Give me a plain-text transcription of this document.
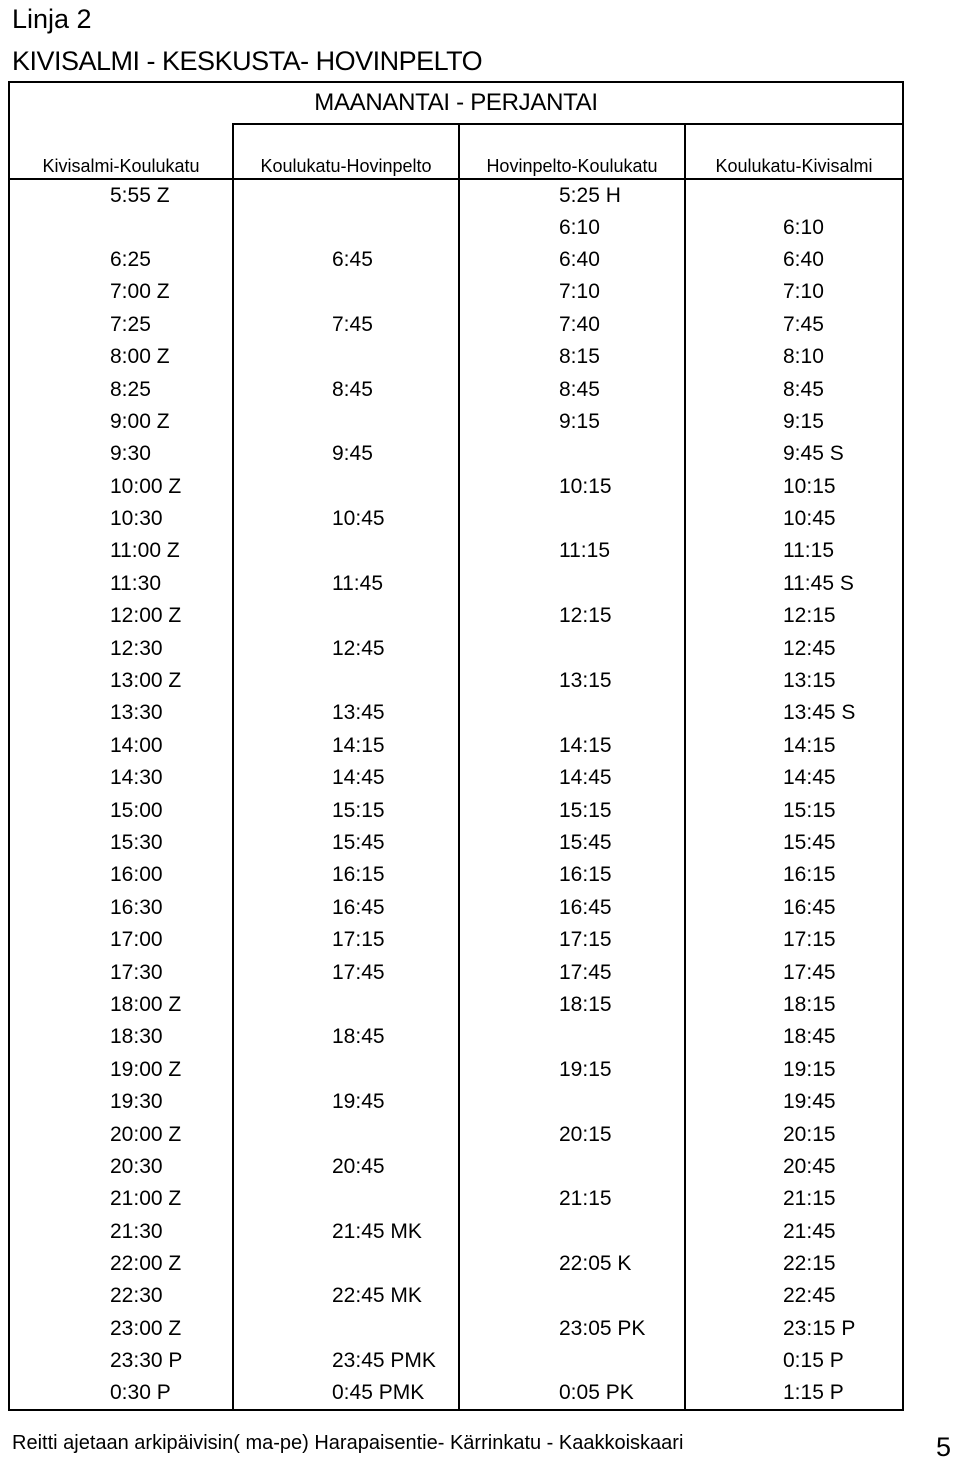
Linja 2
KIVISALMI - KESKUSTA- HOVINPELTO
MAANANTAI - PERJANTAI			
Kivisalmi-Koulukatu	Koulukatu-Hovinpelto	Hovinpelto-Koulukatu	Koulukatu-Kivisalmi
5:55 Z		5:25 H	
		6:10	6:10
6:25	6:45	6:40	6:40
7:00 Z		7:10	7:10
7:25	7:45	7:40	7:45
8:00 Z		8:15	8:10
8:25	8:45	8:45	8:45
9:00 Z		9:15	9:15
9:30	9:45		9:45 S
10:00 Z		10:15	10:15
10:30	10:45		10:45
11:00 Z		11:15	11:15
11:30	11:45		11:45 S
12:00 Z		12:15	12:15
12:30	12:45		12:45
13:00 Z		13:15	13:15
13:30	13:45		13:45 S
14:00	14:15	14:15	14:15
14:30	14:45	14:45	14:45
15:00	15:15	15:15	15:15
15:30	15:45	15:45	15:45
16:00	16:15	16:15	16:15
16:30	16:45	16:45	16:45
17:00	17:15	17:15	17:15
17:30	17:45	17:45	17:45
18:00 Z		18:15	18:15
18:30	18:45		18:45
19:00 Z		19:15	19:15
19:30	19:45		19:45
20:00 Z		20:15	20:15
20:30	20:45		20:45
21:00 Z		21:15	21:15
21:30	21:45 MK		21:45
22:00 Z		22:05 K	22:15
22:30	22:45 MK		22:45
23:00 Z		23:05 PK	23:15 P
23:30 P	23:45 PMK		0:15 P
0:30 P	0:45 PMK	0:05 PK	1:15 P
Reitti ajetaan arkipäivisin( ma-pe) Harapaisentie- Kärrinkatu - Kaakkoiskaari	5
